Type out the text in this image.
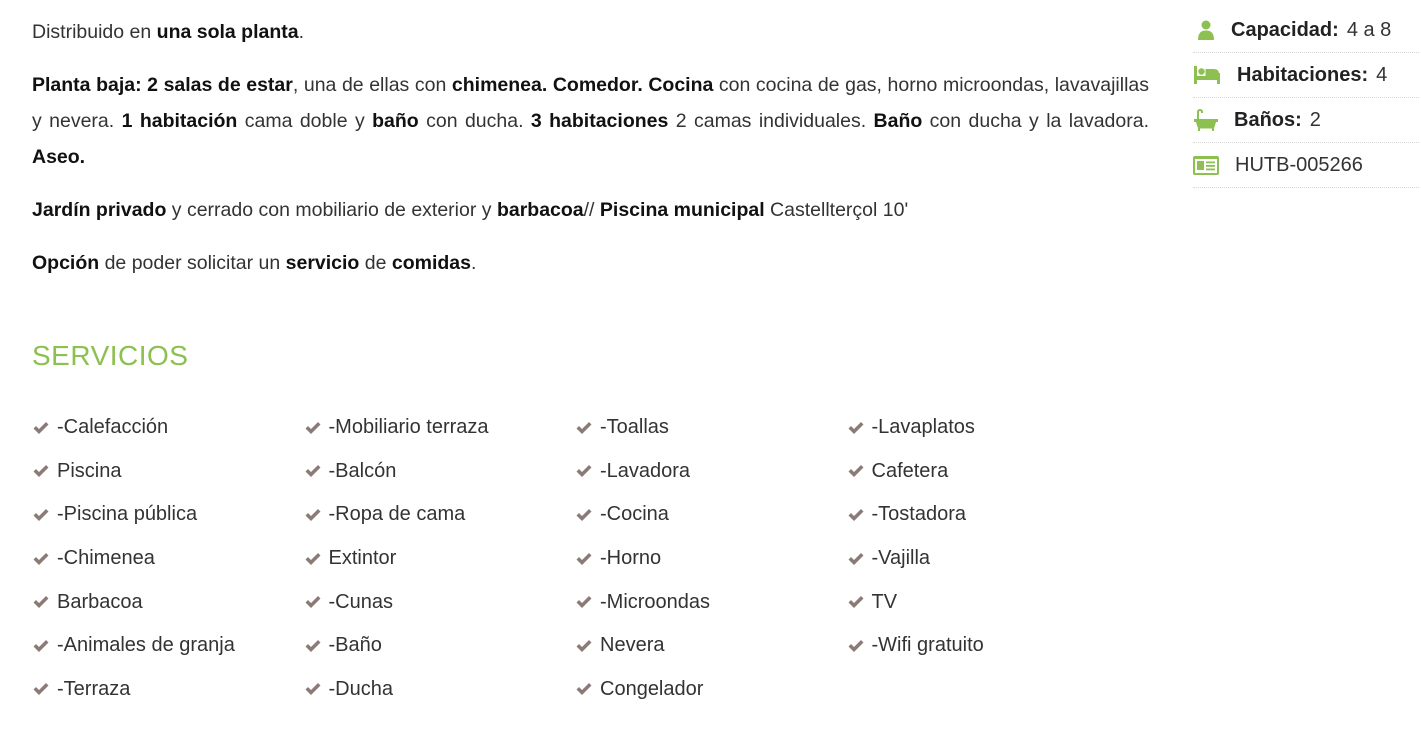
Distribuido en una sola planta.

Planta baja: 2 salas de estar, una de ellas con chimenea. Comedor. Cocina con cocina de gas, horno microondas, lavavajillas y nevera. 1 habitación cama doble y baño con ducha. 3 habitaciones 2 camas individuales. Baño con ducha y la lavadora. Aseo.

Jardín privado y cerrado con mobiliario de exterior y barbacoa// Piscina municipal Castellterçol 10'

Opción de poder solicitar un servicio de comidas.

SERVICIOS
-Calefacción
Piscina
-Piscina pública
-Chimenea
Barbacoa
-Animales de granja
-Terraza
-Mobiliario terraza
-Balcón
-Ropa de cama
Extintor
-Cunas
-Baño
-Ducha
-Toallas
-Lavadora
-Cocina
-Horno
-Microondas
Nevera
Congelador
-Lavaplatos
Cafetera
-Tostadora
-Vajilla
TV
-Wifi gratuito
Capacidad: 4 a 8
Habitaciones: 4
Baños: 2
HUTB-005266
